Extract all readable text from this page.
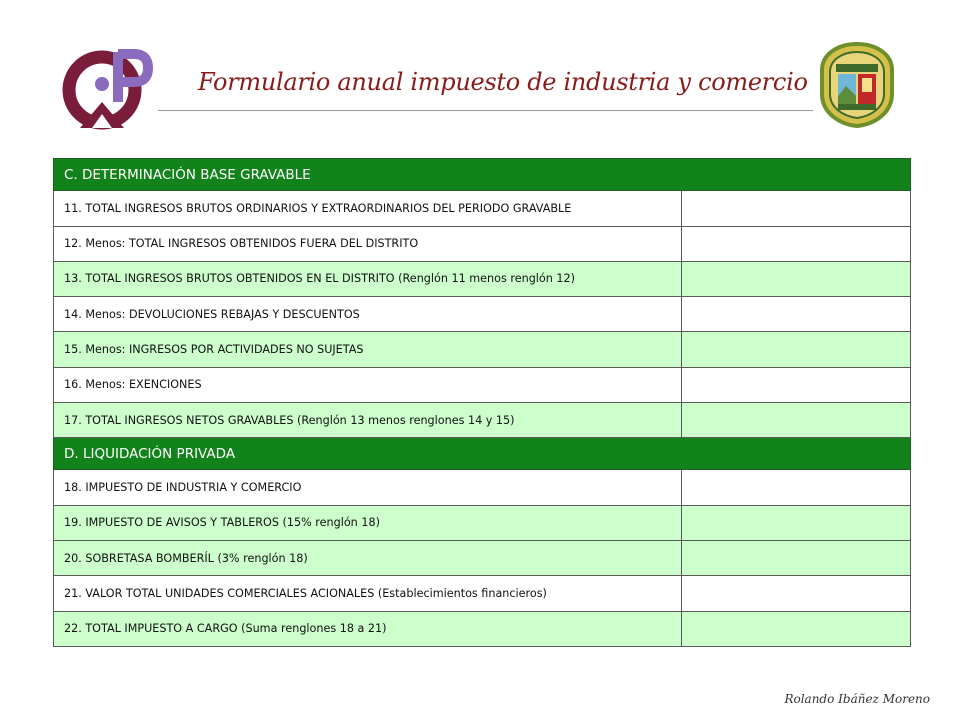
Formulario anual impuesto de industria y comercio
C. DETERMINACIÓN BASE GRAVABLE	
11. TOTAL INGRESOS BRUTOS ORDINARIOS Y EXTRAORDINARIOS DEL PERIODO GRAVABLE	
12. Menos: TOTAL INGRESOS OBTENIDOS FUERA DEL DISTRITO	
13. TOTAL INGRESOS BRUTOS OBTENIDOS EN EL DISTRITO (Renglón 11 menos renglón 12)	
14. Menos: DEVOLUCIONES REBAJAS Y DESCUENTOS	
15. Menos: INGRESOS POR ACTIVIDADES NO SUJETAS	
16. Menos: EXENCIONES	
17. TOTAL INGRESOS NETOS GRAVABLES (Renglón 13 menos renglones 14 y 15)	
D. LIQUIDACIÓN PRIVADA	
18. IMPUESTO DE INDUSTRIA Y COMERCIO	
19. IMPUESTO DE AVISOS Y TABLEROS (15% renglón 18)	
20. SOBRETASA BOMBERÍL (3% renglón 18)	
21. VALOR TOTAL UNIDADES COMERCIALES ACIONALES (Establecimientos financieros)	
22. TOTAL IMPUESTO A CARGO (Suma renglones 18 a 21)	
Rolando Ibáñez Moreno
